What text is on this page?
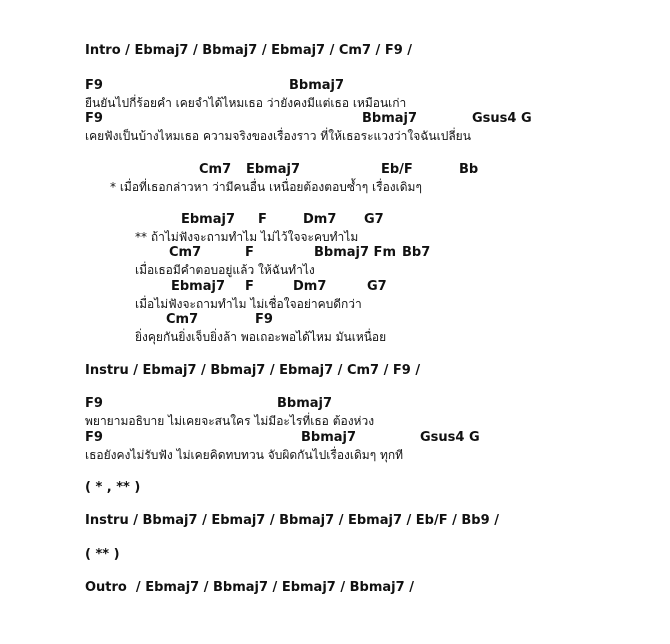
Intro / Ebmaj7 / Bbmaj7 / Ebmaj7 / Cm7 / F9 /
F9	Bbmaj7
ยืนยันไปกี่ร้อยคำ เคยจำได้ไหมเธอ ว่ายังคงมีแต่เธอ เหมือนเก่า
F9	Bbmaj7	Gsus4 G
เคยฟังเป็นบ้างไหมเธอ ความจริงของเรื่องราว ที่ให้เธอระแวงว่าใจฉันเปลี่ยน
Cm7 Ebmaj7	Eb/F	Bb
* เมื่อที่เธอกล่าวหา ว่ามีคนอื่น เหนื่อยต้องตอบซ้ำๆ เรื่องเดิมๆ
Ebmaj7 F	Dm7 G7
** ถ้าไม่ฟังจะถามทำไม ไม่ไว้ใจจะคบทำไม
Cm7	F	Bbmaj7 Fm Bb7
เมื่อเธอมีคำตอบอยู่แล้ว ให้ฉันทำไง
Ebmaj7 F	Dm7	G7
เมื่อไม่ฟังจะถามทำไม ไม่เชื่อใจอย่าคบดีกว่า
Cm7	F9
ยิ่งคุยกันยิ่งเจ็บยิ่งล้า พอเถอะพอได้ไหม มันเหนื่อย
Instru / Ebmaj7 / Bbmaj7 / Ebmaj7 / Cm7 / F9 /
F9	Bbmaj7
พยายามอธิบาย ไม่เคยจะสนใคร ไม่มีอะไรที่เธอ ต้องห่วง
F9	Bbmaj7	Gsus4 G
เธอยังคงไม่รับฟัง ไม่เคยคิดทบทวน จับผิดกันไปเรื่องเดิมๆ ทุกที
( * , ** )
Instru / Bbmaj7 / Ebmaj7 / Bbmaj7 / Ebmaj7 / Eb/F / Bb9 /
( ** )
Outro  / Ebmaj7 / Bbmaj7 / Ebmaj7 / Bbmaj7 /
